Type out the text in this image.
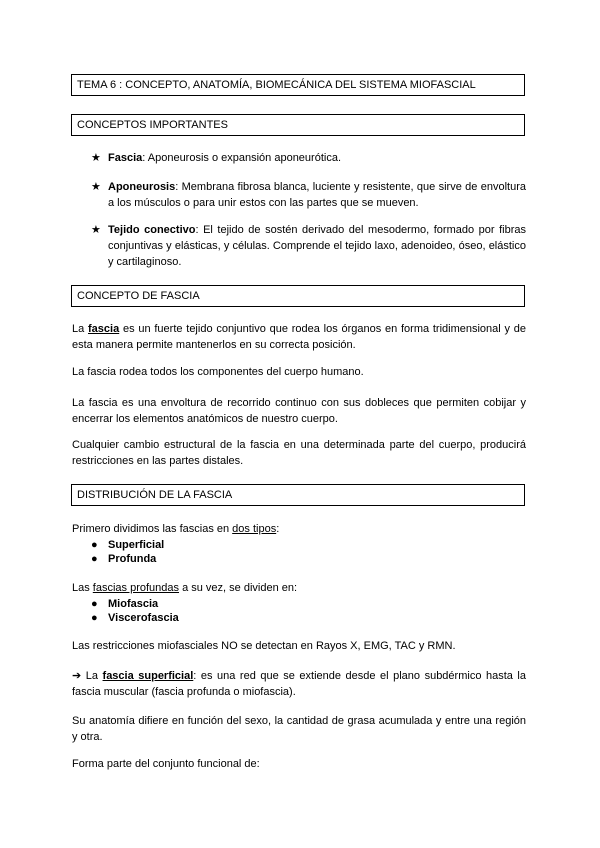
TEMA 6 : CONCEPTO, ANATOMÍA, BIOMECÁNICA DEL SISTEMA MIOFASCIAL
CONCEPTOS IMPORTANTES
★ Fascia: Aponeurosis o expansión aponeurótica.
★ Aponeurosis: Membrana fibrosa blanca, luciente y resistente, que sirve de envoltura a los músculos o para unir estos con las partes que se mueven.
★ Tejido conectivo: El tejido de sostén derivado del mesodermo, formado por fibras conjuntivas y elásticas, y células. Comprende el tejido laxo, adenoideo, óseo, elástico y cartilaginoso.
CONCEPTO DE FASCIA

La fascia es un fuerte tejido conjuntivo que rodea los órganos en forma tridimensional y de esta manera permite mantenerlos en su correcta posición.

La fascia rodea todos los componentes del cuerpo humano.

La fascia es una envoltura de recorrido continuo con sus dobleces que permiten cobijar y encerrar los elementos anatómicos de nuestro cuerpo.

Cualquier cambio estructural de la fascia en una determinada parte del cuerpo, producirá restricciones en las partes distales.

DISTRIBUCIÓN DE LA FASCIA

Primero dividimos las fascias en dos tipos:

● Superficial
● Profunda

Las fascias profundas a su vez, se dividen en:

● Miofascia
● Viscerofascia

Las restricciones miofasciales NO se detectan en Rayos X, EMG, TAC y RMN.

➔ La fascia superficial: es una red que se extiende desde el plano subdérmico hasta la fascia muscular (fascia profunda o miofascia).

Su anatomía difiere en función del sexo, la cantidad de grasa acumulada y entre una región y otra.

Forma parte del conjunto funcional de:
